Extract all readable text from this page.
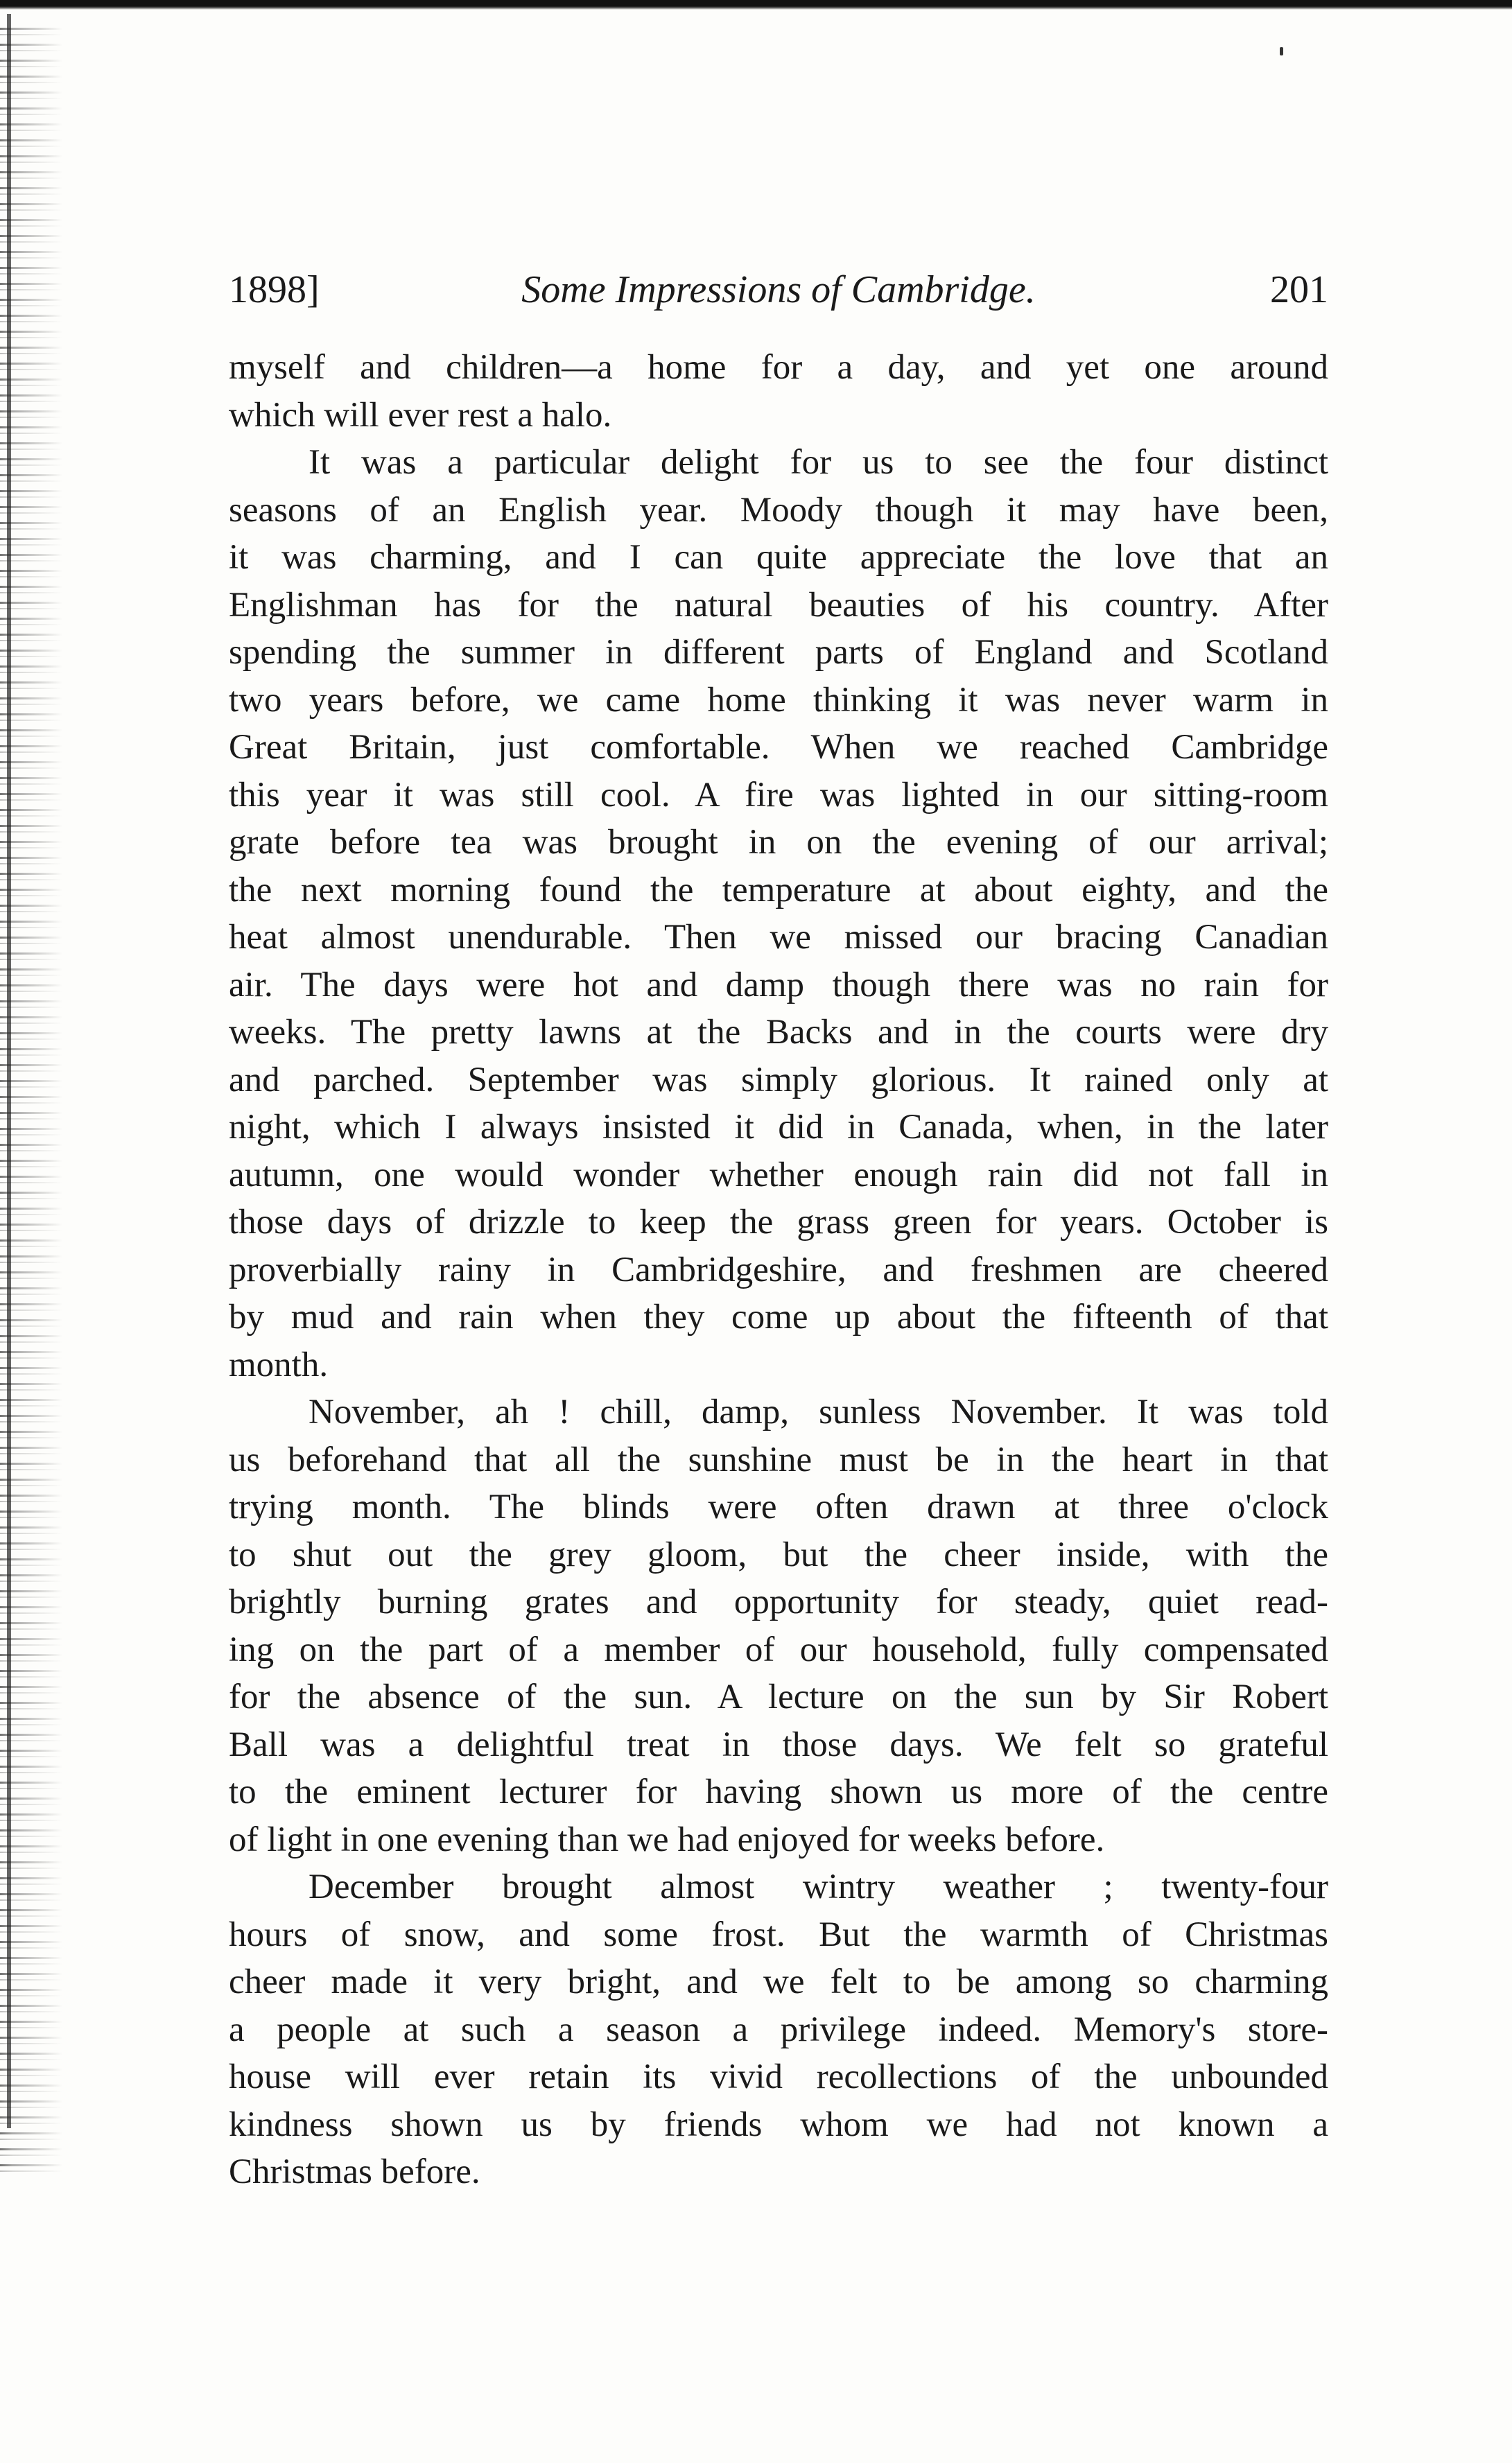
1898]	Some Impressions of Cambridge.	201
myself and children—a home for a day, and yet one around
which will ever rest a halo.
It was a particular delight for us to see the four distinct
seasons of an English year. Moody though it may have been,
it was charming, and I can quite appreciate the love that an
Englishman has for the natural beauties of his country. After
spending the summer in different parts of England and Scotland
two years before, we came home thinking it was never warm in
Great Britain, just comfortable. When we reached Cambridge
this year it was still cool. A fire was lighted in our sitting-room
grate before tea was brought in on the evening of our arrival;
the next morning found the temperature at about eighty, and the
heat almost unendurable. Then we missed our bracing Canadian
air. The days were hot and damp though there was no rain for
weeks. The pretty lawns at the Backs and in the courts were dry
and parched. September was simply glorious. It rained only at
night, which I always insisted it did in Canada, when, in the later
autumn, one would wonder whether enough rain did not fall in
those days of drizzle to keep the grass green for years. October is
proverbially rainy in Cambridgeshire, and freshmen are cheered
by mud and rain when they come up about the fifteenth of that
month.
November, ah ! chill, damp, sunless November. It was told
us beforehand that all the sunshine must be in the heart in that
trying month. The blinds were often drawn at three o'clock
to shut out the grey gloom, but the cheer inside, with the
brightly burning grates and opportunity for steady, quiet read-
ing on the part of a member of our household, fully compensated
for the absence of the sun. A lecture on the sun by Sir Robert
Ball was a delightful treat in those days. We felt so grateful
to the eminent lecturer for having shown us more of the centre
of light in one evening than we had enjoyed for weeks before.
December brought almost wintry weather ; twenty-four
hours of snow, and some frost. But the warmth of Christmas
cheer made it very bright, and we felt to be among so charming
a people at such a season a privilege indeed. Memory's store-
house will ever retain its vivid recollections of the unbounded
kindness shown us by friends whom we had not known a
Christmas before.
